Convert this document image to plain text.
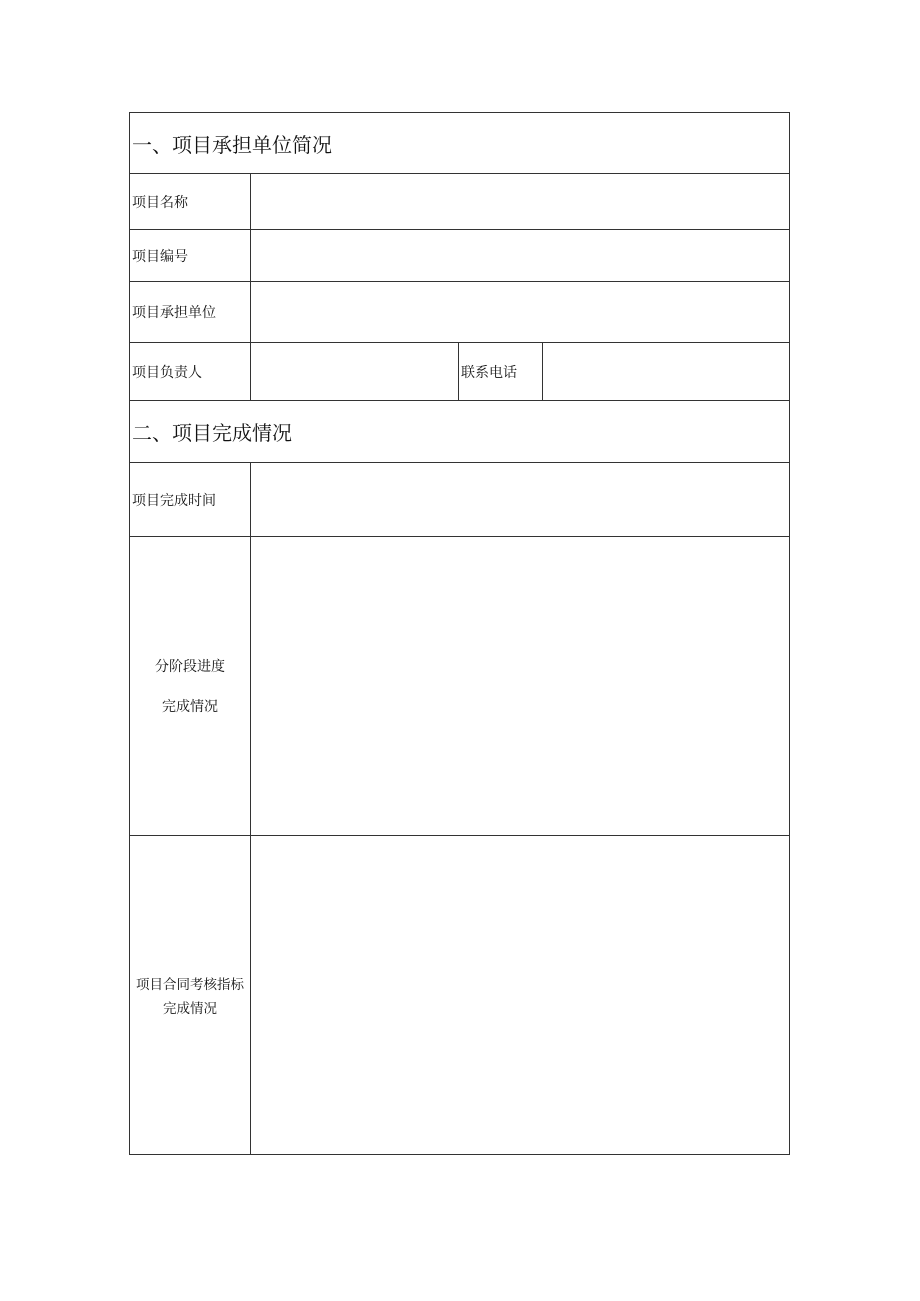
一、项目承担单位简况
项目名称
项目编号
项目承担单位
项目负责人	联系电话
二、项目完成情况
项目完成时间
分阶段进度
完成情况
项目合同考核指标
完成情况
